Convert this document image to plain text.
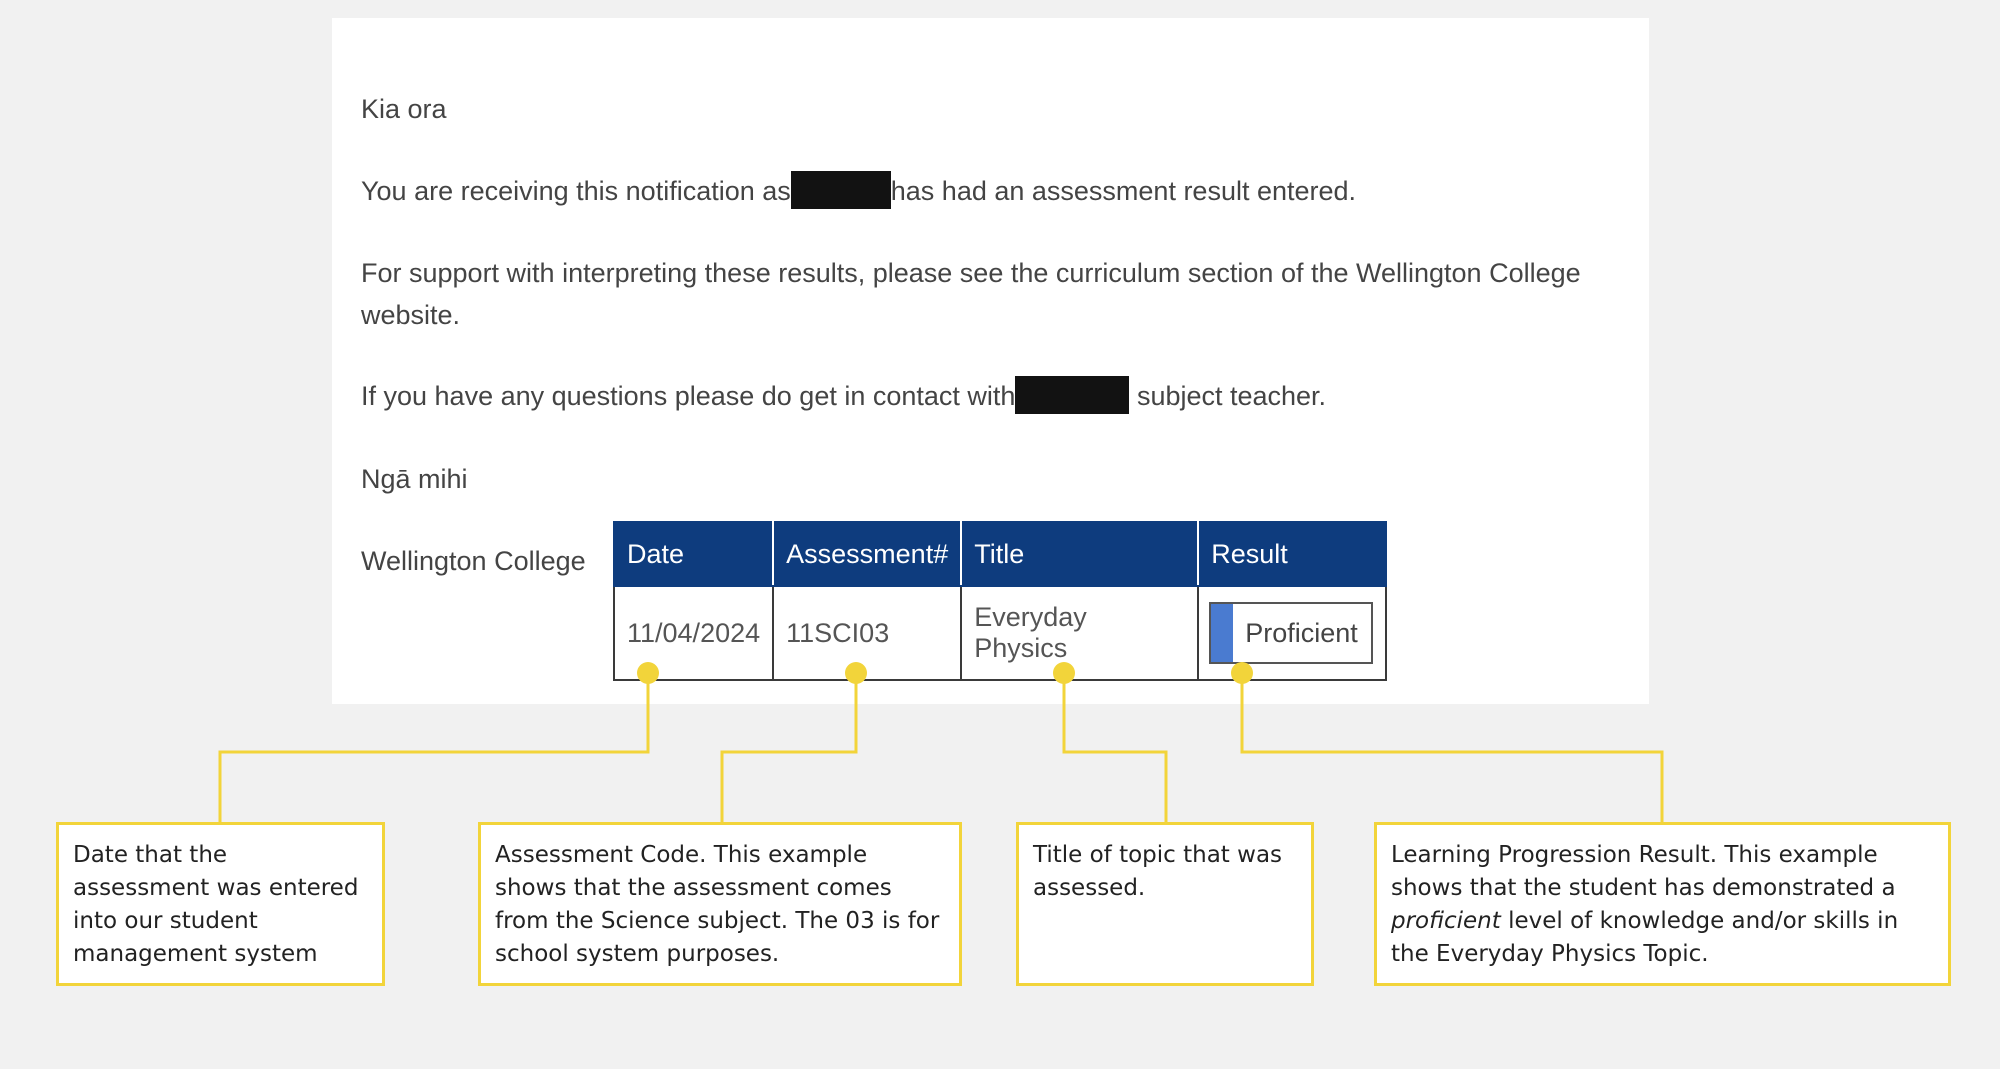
Kia ora

You are receiving this notification as	has had an assessment result entered.

For support with interpreting these results, please see the curriculum section of the Wellington College website.

If you have any questions please do get in contact with	subject teacher.

Ngā mihi

Wellington College Date	Assessment#	Title	Result
11/04/2024	11SCI03	Everyday Physics	Proficient

Date that the assessment was entered into our student management system

Assessment Code. This example shows that the assessment comes from the Science subject. The 03 is for school system purposes.

Title of topic that was assessed.

Learning Progression Result. This example shows that the student has demonstrated a proficient level of knowledge and/or skills in the Everyday Physics Topic.
